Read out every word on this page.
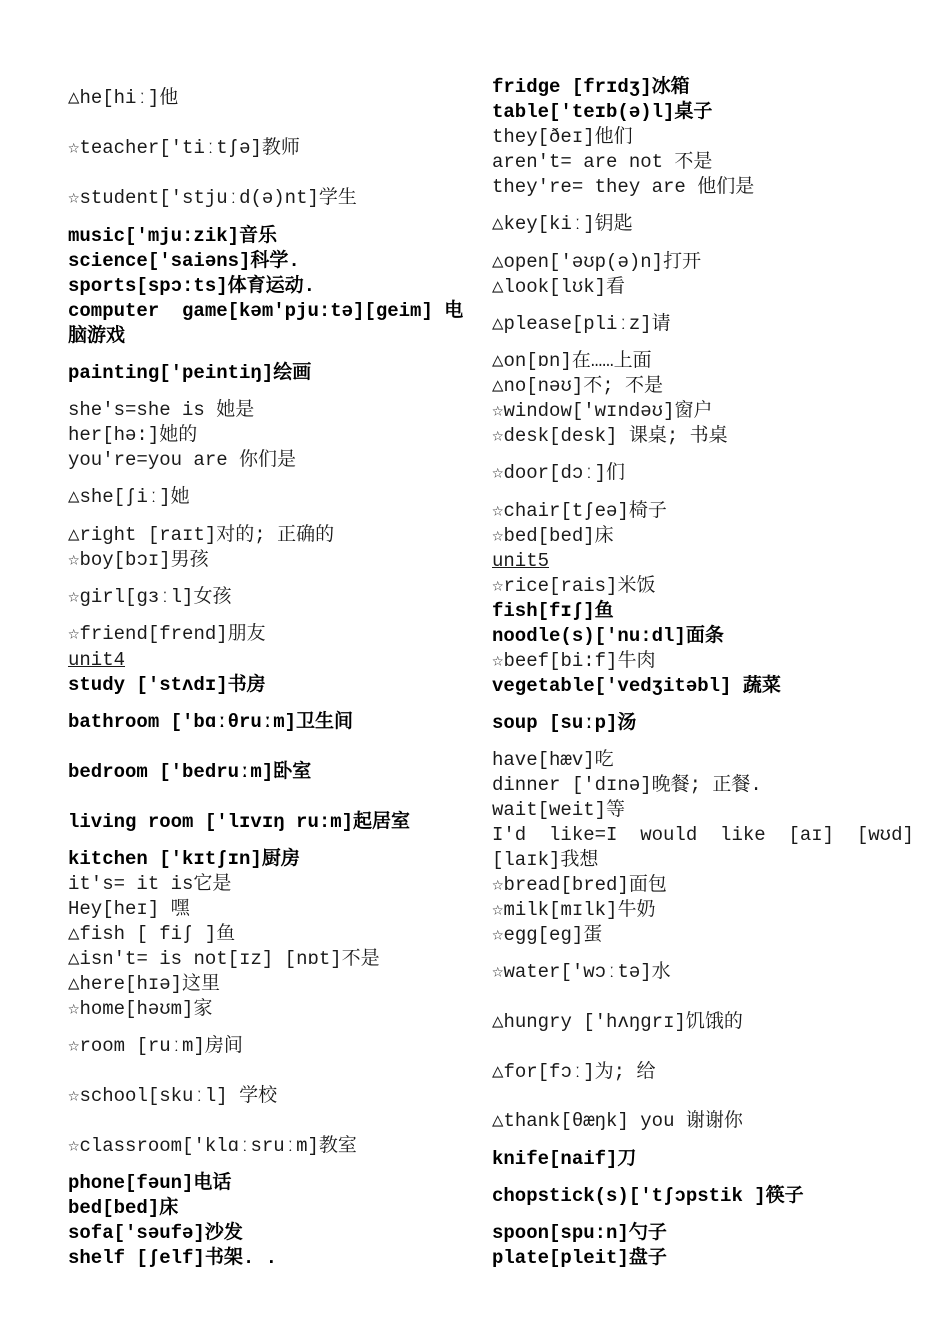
△he[hiː]他
☆teacher['tiːtʃə]教师
☆student['stjuːd(ə)nt]学生
music['mju:zik]音乐
science['saiəns]科学.
sports[spɔ:ts]体育运动.
computer  game[kəm'pju:tə][geim] 电
脑游戏
painting['peintiŋ]绘画
she's=she is 她是
her[hə:]她的
you're=you are 你们是
△she[ʃiː]她
△right [raɪt]对的; 正确的
☆boy[bɔɪ]男孩
☆girl[gɜːl]女孩
☆friend[frend]朋友
unit4
study ['stʌdɪ]书房
bathroom ['bɑːθruːm]卫生间
bedroom ['bedruːm]卧室
living room ['lɪvɪŋ ru:m]起居室
kitchen ['kɪtʃɪn]厨房
it's= it is它是
Hey[heɪ] 嘿
△fish [ fiʃ ]鱼
△isn't= is not[ɪz] [nɒt]不是
△here[hɪə]这里
☆home[həʊm]家
☆room [ruːm]房间
☆school[skuːl] 学校
☆classroom['klɑːsruːm]教室
phone[fəun]电话
bed[bed]床
sofa['səufə]沙发
shelf [ʃelf]书架. .
fridge [frɪdʒ]冰箱
table['teɪb(ə)l]桌子
they[ðeɪ]他们
aren't= are not 不是
they're= they are 他们是
△key[kiː]钥匙
△open['əʊp(ə)n]打开
△look[lʊk]看
△please[pliːz]请
△on[ɒn]在……上面
△no[nəʊ]不; 不是
☆window['wɪndəʊ]窗户
☆desk[desk] 课桌; 书桌
☆door[dɔː]们
☆chair[tʃeə]椅子
☆bed[bed]床
unit5
☆rice[rais]米饭
fish[fɪʃ]鱼
noodle(s)['nu:dl]面条
☆beef[bi:f]牛肉
vegetable['vedʒitəbl] 蔬菜
soup [suːp]汤
have[hæv]吃
dinner ['dɪnə]晚餐; 正餐.
wait[weit]等
I'd  like=I  would  like  [aɪ]  [wʊd]
[laɪk]我想
☆bread[bred]面包
☆milk[mɪlk]牛奶
☆egg[eg]蛋
☆water['wɔːtə]水
△hungry ['hʌŋgrɪ]饥饿的
△for[fɔː]为; 给
△thank[θæŋk] you 谢谢你
knife[naif]刀
chopstick(s)['tʃɔpstik ]筷子
spoon[spu:n]勺子
plate[pleit]盘子
